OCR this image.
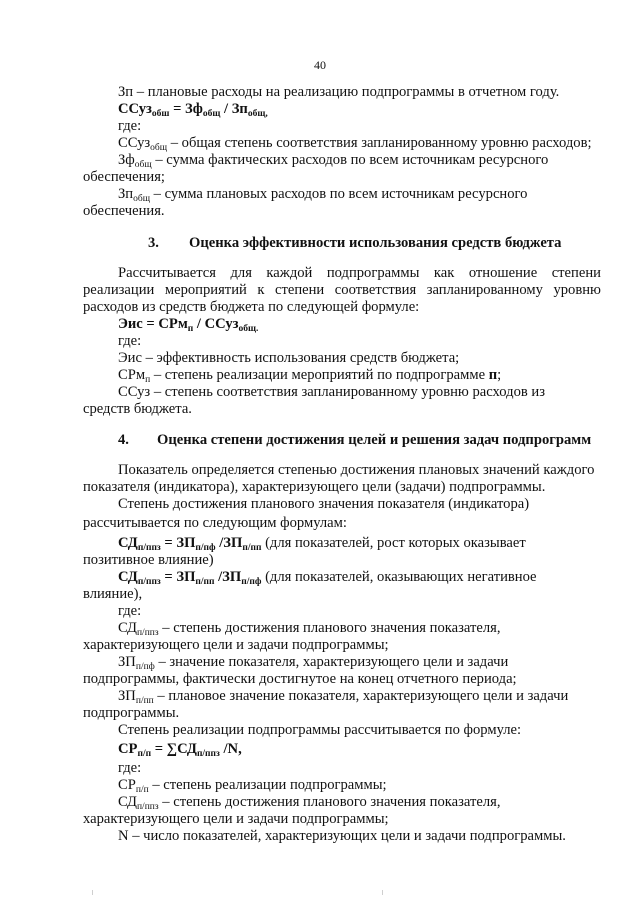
40
Зп – плановые расходы на реализацию подпрограммы в отчетном году.
ССуз$_{обш}$ = $Зф_{общ} / Зп_{общ,}$
где:
ССуз$_{общ}$ – общая степень соответствия запланированному уровню расходов;
$Зф_{общ}$ – сумма фактических расходов по всем источникам ресурсного
обеспечения;
$Зп_{общ}$ – сумма плановых расходов по всем источникам ресурсного
обеспечения.
3. Оценка эффективности использования средств бюджета
Рассчитывается для каждой подпрограммы как отношение степени
реализации мероприятий к степени соответствия запланированному уровню
расходов из средств бюджета по следующей формуле:
Эис = СРм$_п$ / ССуз$_{общ.}$
где:
Эис – эффективность использования средств бюджета;
СРм$_п$ – степень реализации мероприятий по подпрограмме п;
ССуз – степень соответствия запланированному уровню расходов из
средств бюджета.
4. Оценка степени достижения целей и решения задач подпрограмм
Показатель определяется степенью достижения плановых значений каждого
показателя (индикатора), характеризующего цели (задачи) подпрограммы.
Степень достижения планового значения показателя (индикатора)
рассчитывается по следующим формулам:
$СД_{п/ппз} = ЗП_{п/пф}$ $/ЗП_{п/пп}$ (для показателей, рост которых оказывает
позитивное влияние)
$СД_{п/ппз} = ЗП_{п/пп}$ $/ЗП_{п/пф}$ (для показателей, оказывающих негативное
влияние),
где:
$СД_{п/ппз}$ – степень достижения планового значения показателя,
характеризующего цели и задачи подпрограммы;
$ЗП_{п/пф}$ – значение показателя, характеризующего цели и задачи
подпрограммы, фактически достигнутое на конец отчетного периода;
$ЗП_{п/пп}$ – плановое значение показателя, характеризующего цели и задачи
подпрограммы.
Степень реализации подпрограммы рассчитывается по формуле:
$СР_{п/п} = \sum СД_{п/ппз}$ /N,
где:
$СР_{п/п}$ – степень реализации подпрограммы;
$СД_{п/ппз}$ – степень достижения планового значения показателя,
характеризующего цели и задачи подпрограммы;
N – число показателей, характеризующих цели и задачи подпрограммы.
